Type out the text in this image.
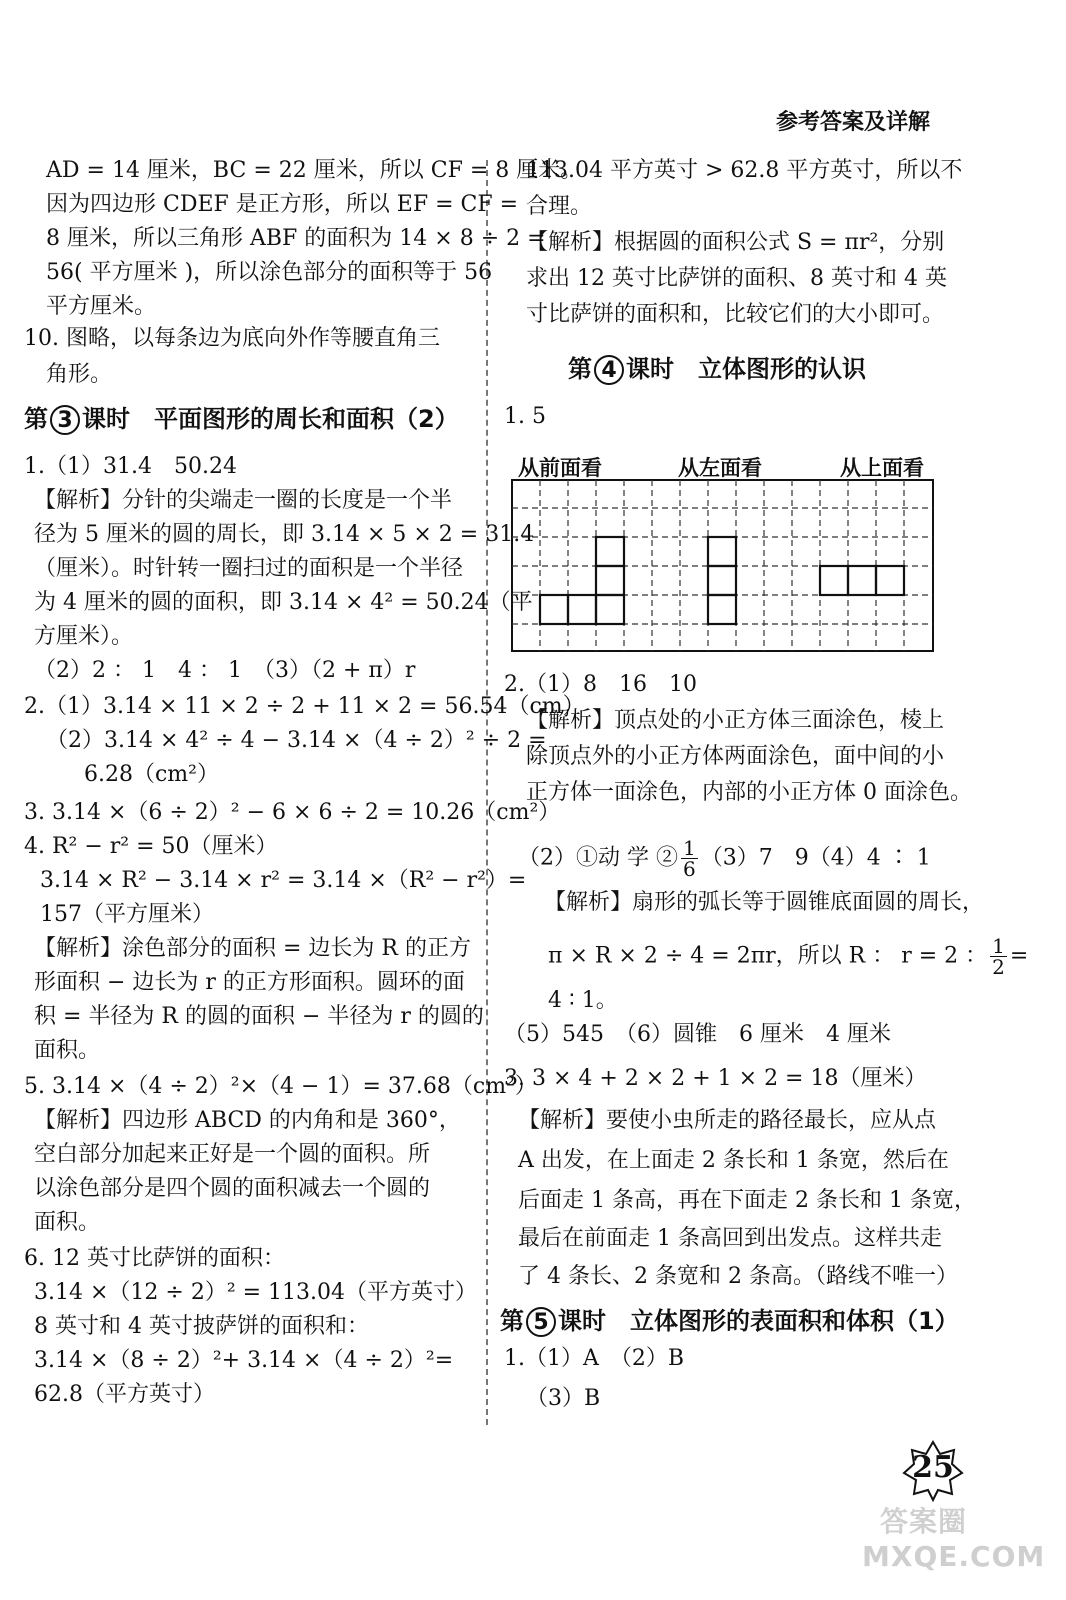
参考答案及详解
AD = 14 厘米，BC = 22 厘米，所以 CF = 8 厘米。
因为四边形 CDEF 是正方形，所以 EF = CF =
8 厘米，所以三角形 ABF 的面积为 14 × 8 ÷ 2 =
56( 平方厘米 )，所以涂色部分的面积等于 56
平方厘米。
10. 图略，以每条边为底向外作等腰直角三
角形。
第 3 课时　平面图形的周长和面积（2）
1.（1）31.4　50.24
【解析】分针的尖端走一圈的长度是一个半
径为 5 厘米的圆的周长，即 3.14 × 5 × 2 = 31.4
（厘米）。时针转一圈扫过的面积是一个半径
为 4 厘米的圆的面积，即 3.14 × 4² = 50.24（平
方厘米）。
（2）2 ： 1　4 ： 1　（3）（2 + π）r
2.（1）3.14 × 11 × 2 ÷ 2 + 11 × 2 = 56.54（cm）
（2）3.14 × 4² ÷ 4 − 3.14 ×（4 ÷ 2）² ÷ 2 =
6.28（cm²）
3. 3.14 ×（6 ÷ 2）² − 6 × 6 ÷ 2 = 10.26（cm²）
4. R² − r² = 50（厘米）
3.14 × R² − 3.14 × r² = 3.14 ×（R² − r²）=
157（平方厘米）
【解析】涂色部分的面积 = 边长为 R 的正方
形面积 − 边长为 r 的正方形面积。圆环的面
积 = 半径为 R 的圆的面积 − 半径为 r 的圆的
面积。
5. 3.14 ×（4 ÷ 2）²×（4 − 1）= 37.68（cm²）
【解析】四边形 ABCD 的内角和是 360°，
空白部分加起来正好是一个圆的面积。所
以涂色部分是四个圆的面积减去一个圆的
面积。
6. 12 英寸比萨饼的面积：
3.14 ×（12 ÷ 2）² = 113.04（平方英寸）
8 英寸和 4 英寸披萨饼的面积和：
3.14 ×（8 ÷ 2）²+ 3.14 ×（4 ÷ 2）²=
62.8（平方英寸）
113.04 平方英寸 > 62.8 平方英寸，所以不
合理。
【解析】根据圆的面积公式 S = πr²，分别
求出 12 英寸比萨饼的面积、8 英寸和 4 英
寸比萨饼的面积和，比较它们的大小即可。
第 4 课时　立体图形的认识
1. 5
从前面看	从左面看	从上面看
2.（1）8　16　10
【解析】顶点处的小正方体三面涂色，棱上
除顶点外的小正方体两面涂色，面中间的小
正方体一面涂色，内部的小正方体 0 面涂色。
（2）①动 学 ② $\frac{1}{6} (3)7$　9（4）4 ∶ 1
【解析】扇形的弧长等于圆锥底面圆的周长，
π × R × 2 ÷ 4 = 2πr，所以 R ： r = 2 ： $\frac{1}{2}$ =
4 ∶ 1。
（5）545　（6）圆锥　6 厘米　4 厘米
3. 3 × 4 + 2 × 2 + 1 × 2 = 18（厘米）
【解析】要使小虫所走的路径最长，应从点
A 出发，在上面走 2 条长和 1 条宽，然后在
后面走 1 条高，再在下面走 2 条长和 1 条宽，
最后在前面走 1 条高回到出发点。这样共走
了 4 条长、2 条宽和 2 条高。（路线不唯一）
第 5 课时　立体图形的表面积和体积（1）
1.（1）A　（2）B
（3）B
25
答案圈
MXQE.COM
